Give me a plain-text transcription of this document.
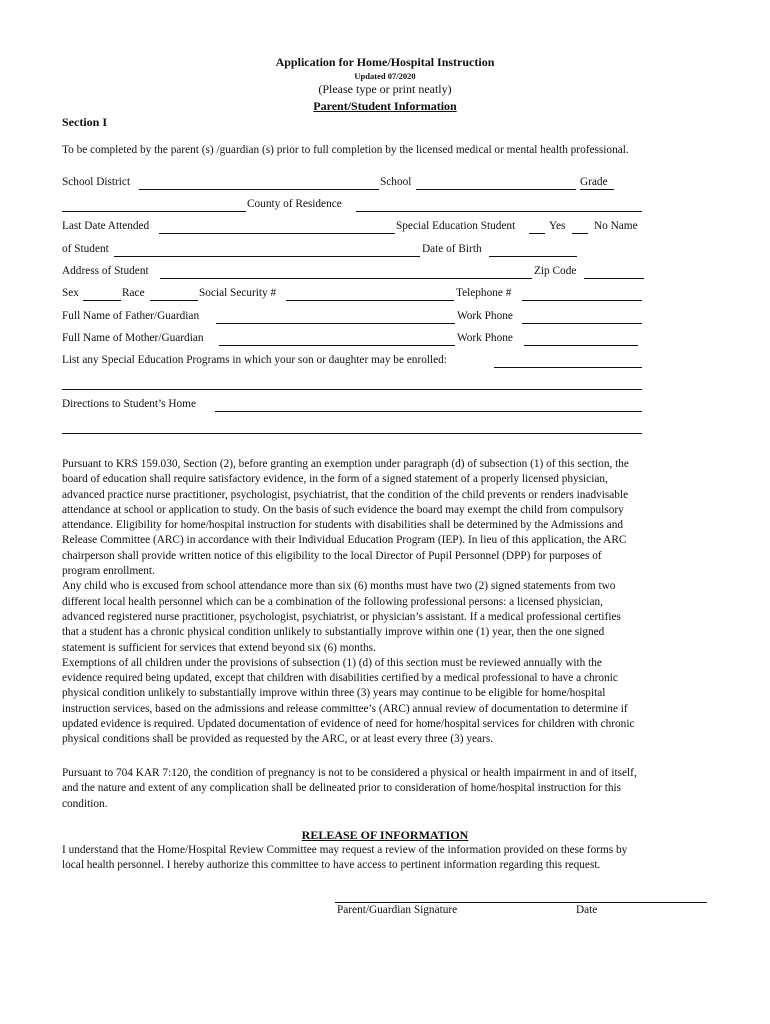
Application for Home/Hospital Instruction
Updated 07/2020
(Please type or print neatly)
Parent/Student Information
Section I
To be completed by the parent (s) /guardian (s) prior to full completion by the licensed medical or mental health professional.
School District	School	Grade
County of Residence
Last Date Attended	Special Education Student	Yes	No Name
of Student	Date of Birth
Address of Student	Zip Code
Sex	Race	Social Security #	Telephone #
Full Name of Father/Guardian	Work Phone
Full Name of Mother/Guardian	Work Phone
List any Special Education Programs in which your son or daughter may be enrolled:
Directions to Student’s Home
Pursuant to KRS 159.030, Section (2), before granting an exemption under paragraph (d) of subsection (1) of this section, the
board of education shall require satisfactory evidence, in the form of a signed statement of a properly licensed physician,
advanced practice nurse practitioner, psychologist, psychiatrist, that the condition of the child prevents or renders inadvisable
attendance at school or application to study. On the basis of such evidence the board may exempt the child from compulsory
attendance. Eligibility for home/hospital instruction for students with disabilities shall be determined by the Admissions and
Release Committee (ARC) in accordance with their Individual Education Program (IEP). In lieu of this application, the ARC
chairperson shall provide written notice of this eligibility to the local Director of Pupil Personnel (DPP) for purposes of
program enrollment.
Any child who is excused from school attendance more than six (6) months must have two (2) signed statements from two
different local health personnel which can be a combination of the following professional persons: a licensed physician,
advanced registered nurse practitioner, psychologist, psychiatrist, or physician’s assistant. If a medical professional certifies
that a student has a chronic physical condition unlikely to substantially improve within one (1) year, then the one signed
statement is sufficient for services that extend beyond six (6) months.
Exemptions of all children under the provisions of subsection (1) (d) of this section must be reviewed annually with the
evidence required being updated, except that children with disabilities certified by a medical professional to have a chronic
physical condition unlikely to substantially improve within three (3) years may continue to be eligible for home/hospital
instruction services, based on the admissions and release committee’s (ARC) annual review of documentation to determine if
updated evidence is required. Updated documentation of evidence of need for home/hospital services for children with chronic
physical conditions shall be provided as requested by the ARC, or at least every three (3) years.
Pursuant to 704 KAR 7:120, the condition of pregnancy is not to be considered a physical or health impairment in and of itself,
and the nature and extent of any complication shall be delineated prior to consideration of home/hospital instruction for this
condition.
RELEASE OF INFORMATION
I understand that the Home/Hospital Review Committee may request a review of the information provided on these forms by
local health personnel. I hereby authorize this committee to have access to pertinent information regarding this request.
Parent/Guardian Signature	Date
